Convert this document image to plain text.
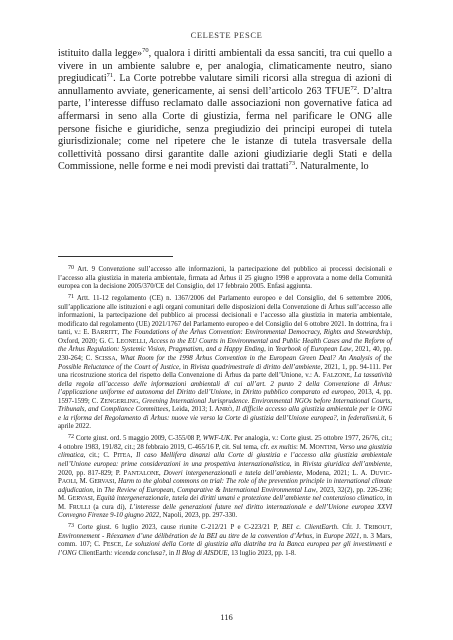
CELESTE PESCE

istituito dalla legge»$^{70}$, qualora i diritti ambientali da essa sanciti, tra cui quello a vivere in un ambiente salubre e, per analogia, climaticamente neutro, siano pregiudicati$^{71}$. La Corte potrebbe valutare simili ricorsi alla stregua di azioni di annullamento avviate, genericamente, ai sensi dell’articolo 263 TFUE$^{72}$. D’altra parte, l’interesse diffuso reclamato dalle associazioni non governative fatica ad affermarsi in seno alla Corte di giustizia, ferma nel parificare le ONG alle persone fisiche e giuridiche, senza pregiudizio dei principi europei di tutela giurisdizionale; come nel ripetere che le istanze di tutela trasversale della collettività possano dirsi garantite dalle azioni giudiziarie degli Stati e della Commissione, nelle forme e nei modi previsti dai trattati$^{73}$. Naturalmente, lo

70 Art. 9 Convenzione sull’accesso alle informazioni, la partecipazione del pubblico ai processi decisionali e l’accesso alla giustizia in materia ambientale, firmata ad Århus il 25 giugno 1998 e approvata a nome della Comunità europea con la decisione 2005/370/CE del Consiglio, del 17 febbraio 2005. Enfasi aggiunta.

71 Artt. 11-12 regolamento (CE) n. 1367/2006 del Parlamento europeo e del Consiglio, del 6 settembre 2006, sull’applicazione alle istituzioni e agli organi comunitari delle disposizioni della Convenzione di Århus sull’accesso alle informazioni, la partecipazione del pubblico ai processi decisionali e l’accesso alla giustizia in materia ambientale, modificato dal regolamento (UE) 2021/1767 del Parlamento europeo e del Consiglio del 6 ottobre 2021. In dottrina, fra i tanti, v.: E. BARRITT, The Foundations of the Århus Convention: Environmental Democracy, Rights and Stewardship, Oxford, 2020; G. C. LEONELLI, Access to the EU Courts in Environmental and Public Health Cases and the Reform of the Århus Regulation: Systemic Vision, Pragmatism, and a Happy Ending, in Yearbook of European Law, 2021, 40, pp. 230-264; C. SCISSA, What Room for the 1998 Århus Convention in the European Green Deal? An Analysis of the Possible Reluctance of the Court of Justice, in Rivista quadrimestrale di diritto dell’ambiente, 2021, 1, pp. 94-111. Per una ricostruzione storica del rispetto della Convenzione di Århus da parte dell’Unione, v.: A. FALZONE, La tassatività della regola all’accesso delle informazioni ambientali di cui all’art. 2 punto 2 della Convenzione di Århus: l’applicazione uniforme ed autonoma del Diritto dell’Unione, in Diritto pubblico comparato ed europeo, 2013, 4, pp. 1597-1599; C. ZENGERLING, Greening International Jurisprudence. Environmental NGOs before International Courts, Tribunals, and Compliance Committees, Leida, 2013; I. ANRÒ, Il difficile accesso alla giustizia ambientale per le ONG e la riforma del Regolamento di Århus: nuove vie verso la Corte di giustizia dell’Unione europea?, in federalismi.it, 6 aprile 2022.

72 Corte giust. ord. 5 maggio 2009, C-355/08 P, WWF-UK. Per analogia, v.: Corte giust. 25 ottobre 1977, 26/76, cit.; 4 ottobre 1983, 191/82, cit.; 28 febbraio 2019, C-465/16 P, cit. Sul tema, cfr. ex multis: M. MONTINI, Verso una giustizia climatica, cit.; C. PITEA, Il caso Mellifera dinanzi alla Corte di giustizia e l’accesso alla giustizia ambientale nell’Unione europea: prime considerazioni in una prospettiva internazionalistica, in Rivista giuridica dell’ambiente, 2020, pp. 817-829; P. PANTALONE, Doveri intergenerazionali e tutela dell’ambiente, Modena, 2021; L. A. DUVIC-PAOLI, M. GERVASI, Harm to the global commons on trial: The role of the prevention principle in international climate adjudication, in The Review of European, Comparative & International Environmental Law, 2023, 32(2), pp. 226-236; M. GERVASI, Equità intergenerazionale, tutela dei diritti umani e protezione dell’ambiente nel contenzioso climatico, in M. FRULLI (a cura di), L’interesse delle generazioni future nel diritto internazionale e dell’Unione europea XXVI Convegno Firenze 9-10 giugno 2022, Napoli, 2023, pp. 297-330.

73 Corte giust. 6 luglio 2023, cause riunite C-212/21 P e C-223/21 P, BEI c. ClientEarth. Cfr. J. TRIBOUT, Environnement - Réexamen d’une délibération de la BEI au titre de la convention d’Århus, in Europe 2021, n. 3 Mars, comm. 107; C. PESCE, Le soluzioni della Corte di giustizia alla diatriba tra la Banca europea per gli investimenti e l’ONG ClientEarth: vicenda conclusa?, in Il Blog di AISDUE, 13 luglio 2023, pp. 1-8.

116
